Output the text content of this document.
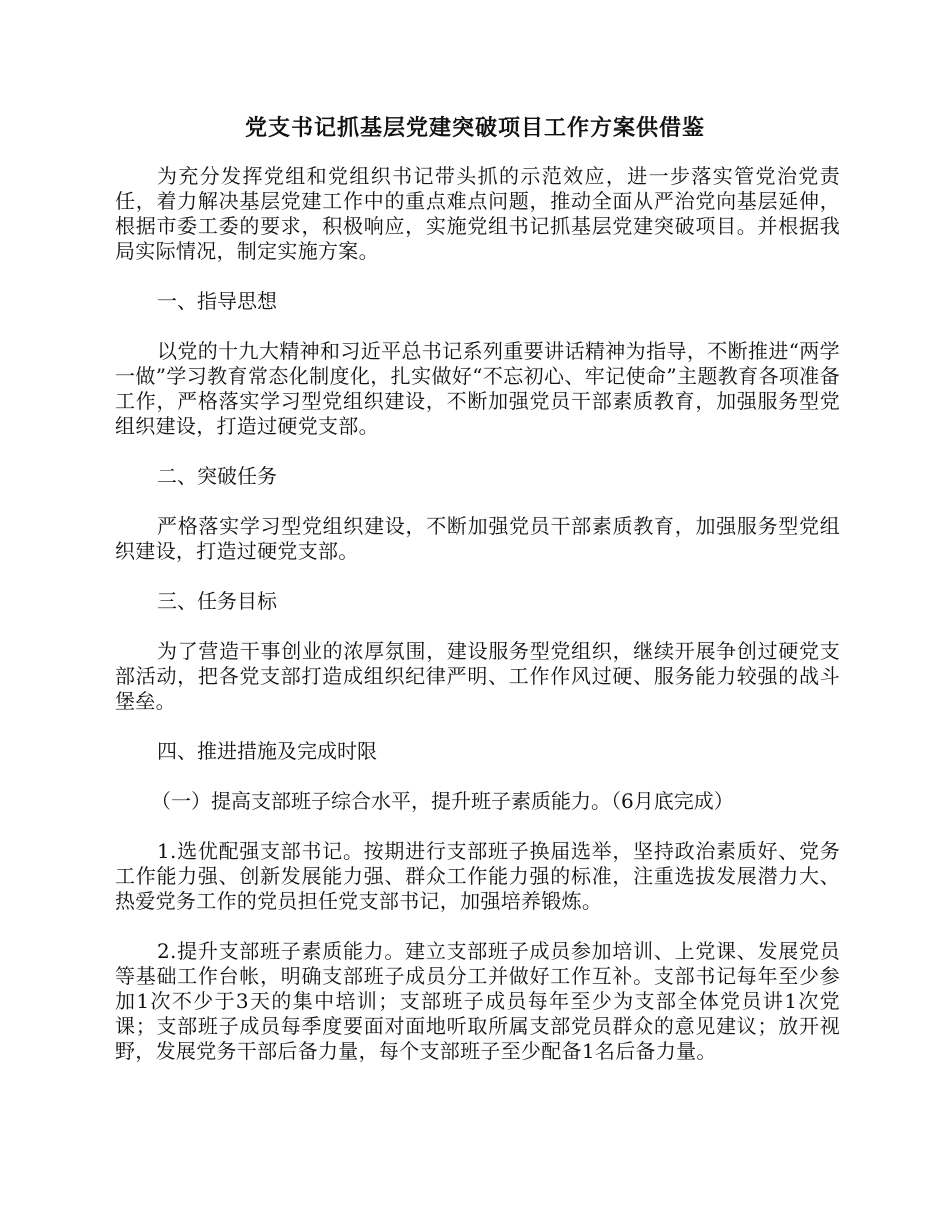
党支书记抓基层党建突破项目工作方案供借鉴

为充分发挥党组和党组织书记带头抓的示范效应，进一步落实管党治党责任，着力解决基层党建工作中的重点难点问题，推动全面从严治党向基层延伸，根据市委工委的要求，积极响应，实施党组书记抓基层党建突破项目。并根据我局实际情况，制定实施方案。

一、指导思想

以党的十九大精神和习近平总书记系列重要讲话精神为指导，不断推进“两学一做”学习教育常态化制度化，扎实做好“不忘初心、牢记使命”主题教育各项准备工作，严格落实学习型党组织建设，不断加强党员干部素质教育，加强服务型党组织建设，打造过硬党支部。

二、突破任务

严格落实学习型党组织建设，不断加强党员干部素质教育，加强服务型党组织建设，打造过硬党支部。

三、任务目标

为了营造干事创业的浓厚氛围，建设服务型党组织，继续开展争创过硬党支部活动，把各党支部打造成组织纪律严明、工作作风过硬、服务能力较强的战斗堡垒。

四、推进措施及完成时限

（一）提高支部班子综合水平，提升班子素质能力。（6月底完成）

1.选优配强支部书记。按期进行支部班子换届选举，坚持政治素质好、党务工作能力强、创新发展能力强、群众工作能力强的标准，注重选拔发展潜力大、热爱党务工作的党员担任党支部书记，加强培养锻炼。

2.提升支部班子素质能力。建立支部班子成员参加培训、上党课、发展党员等基础工作台帐，明确支部班子成员分工并做好工作互补。支部书记每年至少参加1次不少于3天的集中培训；支部班子成员每年至少为支部全体党员讲1次党课；支部班子成员每季度要面对面地听取所属支部党员群众的意见建议；放开视野，发展党务干部后备力量，每个支部班子至少配备1名后备力量。
